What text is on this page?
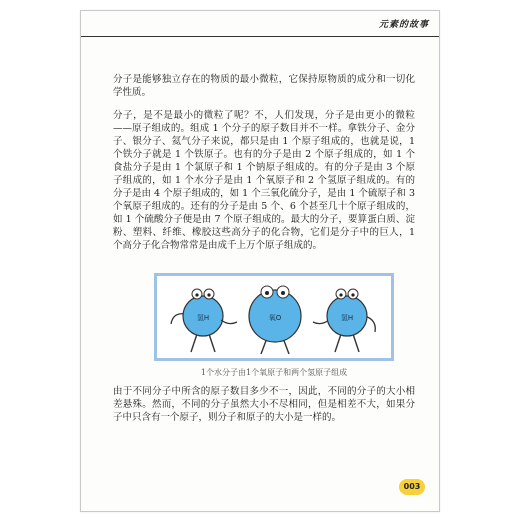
元素的故事

分子是能够独立存在的物质的最小微粒，它保持原物质的成分和一切化学性质。

分子，是不是最小的微粒了呢？不，人们发现，分子是由更小的微粒——原子组成的。组成 1 个分子的原子数目并不一样。拿铁分子、金分子、银分子、氦气分子来说，都只是由 1 个原子组成的，也就是说，1 个铁分子就是 1 个铁原子。也有的分子是由 2 个原子组成的，如 1 个食盐分子是由 1 个氯原子和 1 个钠原子组成的。有的分子是由 3 个原子组成的，如 1 个水分子是由 1 个氧原子和 2 个氢原子组成的。有的分子是由 4 个原子组成的，如 1 个三氧化硫分子，是由 1 个硫原子和 3 个氧原子组成的。还有的分子是由 5 个、6 个甚至几十个原子组成的，如 1 个硫酸分子便是由 7 个原子组成的。最大的分子，要算蛋白质、淀粉、塑料、纤维、橡胶这些高分子的化合物，它们是分子中的巨人，1 个高分子化合物常常是由成千上万个原子组成的。

氢H	氧O	氢H
1个水分子由1个氧原子和两个氢原子组成

由于不同分子中所含的原子数目多少不一，因此，不同的分子的大小相差悬殊。然而，不同的分子虽然大小不尽相同，但是相差不大，如果分子中只含有一个原子，则分子和原子的大小是一样的。

003
